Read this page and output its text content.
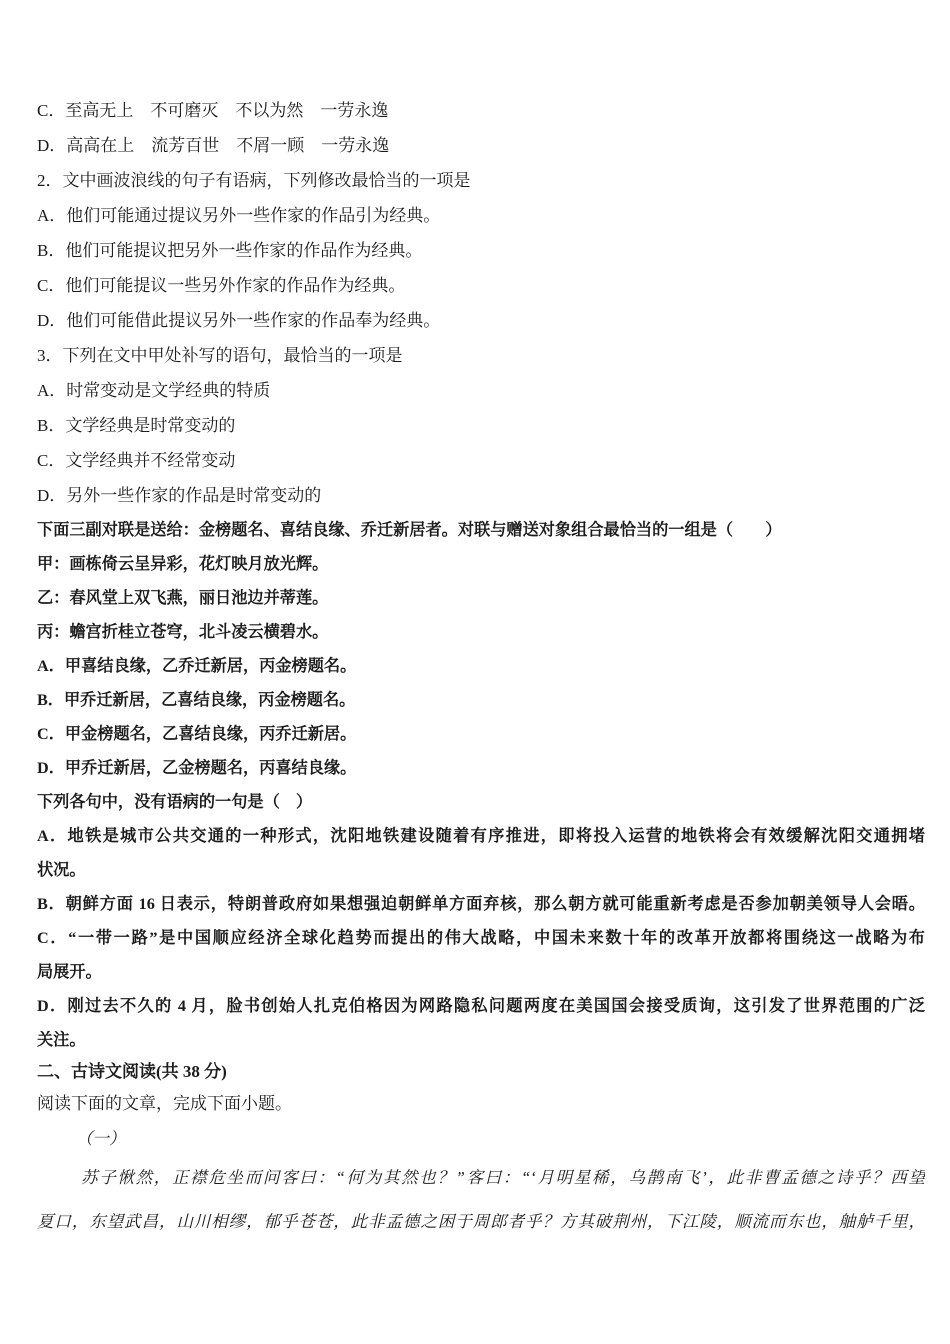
C．至高无上　不可磨灭　不以为然　一劳永逸
D．高高在上　流芳百世　不屑一顾　一劳永逸
2．文中画波浪线的句子有语病，下列修改最恰当的一项是
A．他们可能通过提议另外一些作家的作品引为经典。
B．他们可能提议把另外一些作家的作品作为经典。
C．他们可能提议一些另外作家的作品作为经典。
D．他们可能借此提议另外一些作家的作品奉为经典。
3．下列在文中甲处补写的语句，最恰当的一项是
A．时常变动是文学经典的特质
B．文学经典是时常变动的
C．文学经典并不经常变动
D．另外一些作家的作品是时常变动的
下面三副对联是送给：金榜题名、喜结良缘、乔迁新居者。对联与赠送对象组合最恰当的一组是（　　）
甲：画栋倚云呈异彩，花灯映月放光辉。
乙：春风堂上双飞燕，丽日池边并蒂莲。
丙：蟾宫折桂立苍穹，北斗凌云横碧水。
A．甲喜结良缘，乙乔迁新居，丙金榜题名。
B．甲乔迁新居，乙喜结良缘，丙金榜题名。
C．甲金榜题名，乙喜结良缘，丙乔迁新居。
D．甲乔迁新居，乙金榜题名，丙喜结良缘。
下列各句中，没有语病的一句是（　）
A．地铁是城市公共交通的一种形式，沈阳地铁建设随着有序推进，即将投入运营的地铁将会有效缓解沈阳交通拥堵
状况。
B．朝鲜方面 16 日表示，特朗普政府如果想强迫朝鲜单方面弃核，那么朝方就可能重新考虑是否参加朝美领导人会晤。
C．“一带一路”是中国顺应经济全球化趋势而提出的伟大战略，中国未来数十年的改革开放都将围绕这一战略为布
局展开。
D．刚过去不久的 4 月，脸书创始人扎克伯格因为网路隐私问题两度在美国国会接受质询，这引发了世界范围的广泛
关注。
二、古诗文阅读(共 38 分)
阅读下面的文章，完成下面小题。
（一）
苏子愀然，正襟危坐而问客曰：“何为其然也？”客曰：“‘月明星稀，乌鹊南飞’，此非曹孟德之诗乎？西望
夏口，东望武昌，山川相缪，郁乎苍苍，此非孟德之困于周郎者乎？方其破荆州，下江陵，顺流而东也，舳舻千里，
